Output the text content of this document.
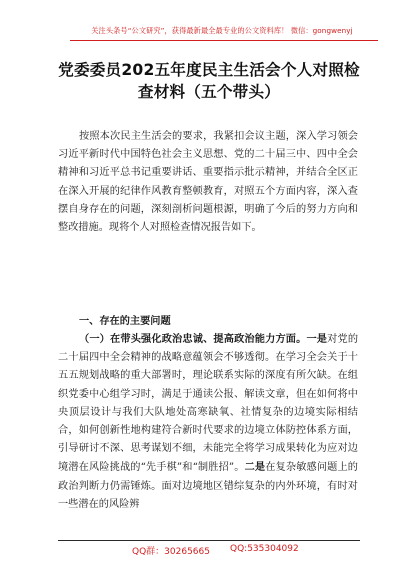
关注头条号“公文研究”，获得最新最全最专业的公文资料库！ 微信：gongwenyj
党委委员202五年度民主生活会个人对照检查材料（五个带头）
按照本次民主生活会的要求，我紧扣会议主题，深入学习领会习近平新时代中国特色社会主义思想、党的二十届三中、四中全会精神和习近平总书记重要讲话、重要指示批示精神，并结合全区正在深入开展的纪律作风教育整顿教育，对照五个方面内容，深入查摆自身存在的问题，深刻剖析问题根源，明确了今后的努力方向和整改措施。现将个人对照检查情况报告如下。
一、存在的主要问题
（一）在带头强化政治忠诚、提高政治能力方面。一是对党的二十届四中全会精神的战略意蕴领会不够透彻。在学习全会关于十五五规划战略的重大部署时，理论联系实际的深度有所欠缺。在组织党委中心组学习时，满足于通读公报、解读文章，但在如何将中央顶层设计与我们大队地处高寒缺氧、社情复杂的边境实际相结合，如何创新性地构建符合新时代要求的边境立体防控体系方面，引导研讨不深、思考谋划不细，未能完全将学习成果转化为应对边境潜在风险挑战的“先手棋”和“制胜招”。二是在复杂敏感问题上的政治判断力仍需锤炼。面对边境地区错综复杂的内外环境，有时对一些潜在的风险辨
QQ群：30265665 QQ:535304092
